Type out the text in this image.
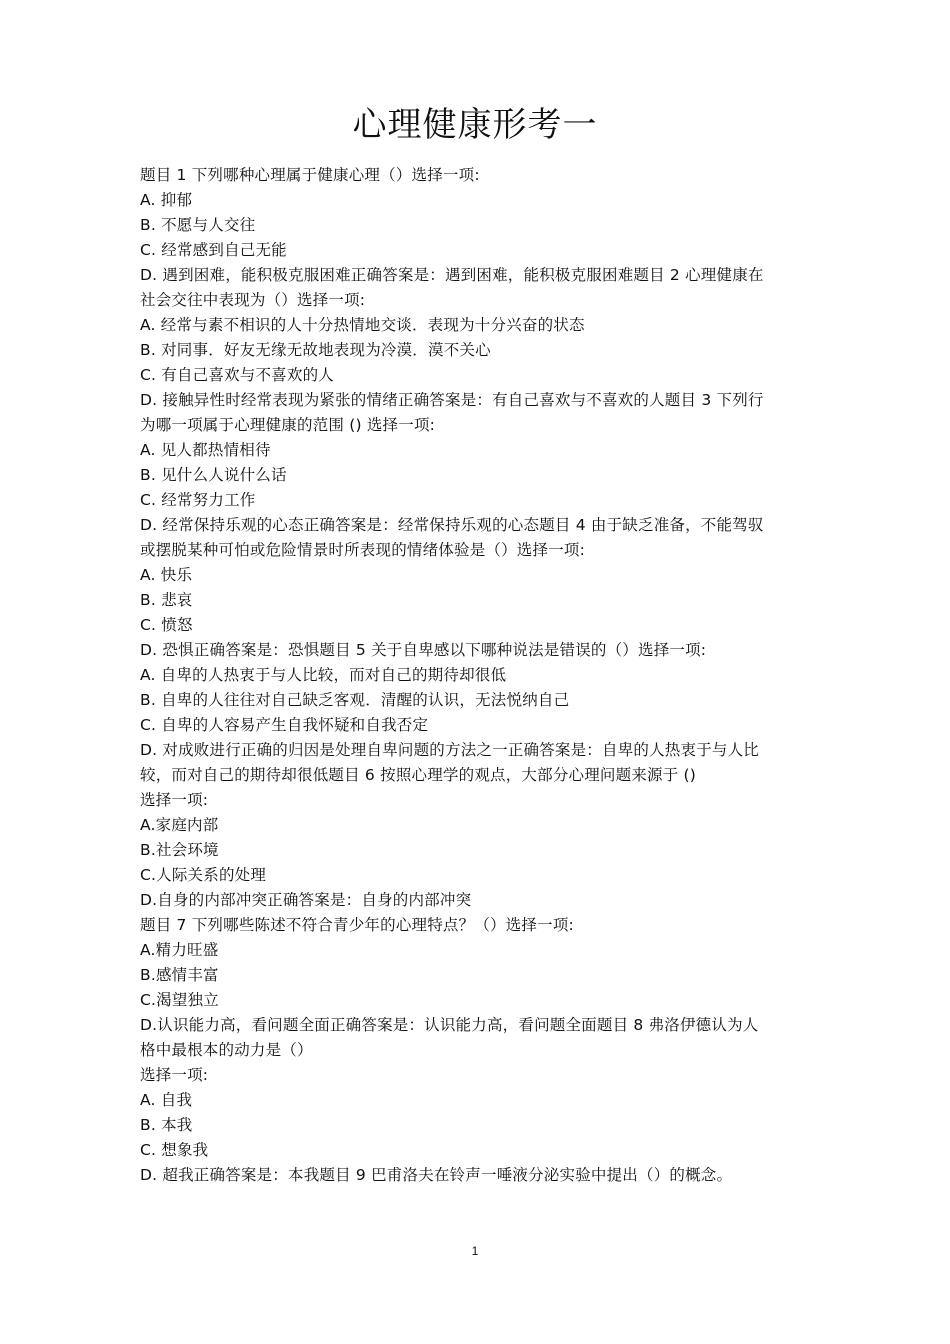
心理健康形考一
题目 1 下列哪种心理属于健康心理（）选择一项:
A. 抑郁
B. 不愿与人交往
C. 经常感到自己无能
D. 遇到困难，能积极克服困难正确答案是：遇到困难，能积极克服困难题目 2 心理健康在
社会交往中表现为（）选择一项:
A. 经常与素不相识的人十分热情地交谈．表现为十分兴奋的状态
B. 对同事．好友无缘无故地表现为冷漠．漠不关心
C. 有自己喜欢与不喜欢的人
D. 接触异性时经常表现为紧张的情绪正确答案是：有自己喜欢与不喜欢的人题目 3 下列行
为哪一项属于心理健康的范围 () 选择一项:
A. 见人都热情相待
B. 见什么人说什么话
C. 经常努力工作
D. 经常保持乐观的心态正确答案是：经常保持乐观的心态题目 4 由于缺乏准备，不能驾驭
或摆脱某种可怕或危险情景时所表现的情绪体验是（）选择一项:
A. 快乐
B. 悲哀
C. 愤怒
D. 恐惧正确答案是：恐惧题目 5 关于自卑感以下哪种说法是错误的（）选择一项:
A. 自卑的人热衷于与人比较，而对自己的期待却很低
B. 自卑的人往往对自己缺乏客观．清醒的认识，无法悦纳自己
C. 自卑的人容易产生自我怀疑和自我否定
D. 对成败进行正确的归因是处理自卑问题的方法之一正确答案是：自卑的人热衷于与人比
较，而对自己的期待却很低题目 6 按照心理学的观点，大部分心理问题来源于 ()
选择一项:
A.家庭内部
B.社会环境
C.人际关系的处理
D.自身的内部冲突正确答案是：自身的内部冲突
题目 7 下列哪些陈述不符合青少年的心理特点？（）选择一项:
A.精力旺盛
B.感情丰富
C.渴望独立
D.认识能力高，看问题全面正确答案是：认识能力高，看问题全面题目 8 弗洛伊德认为人
格中最根本的动力是（）
选择一项:
A. 自我
B. 本我
C. 想象我
D. 超我正确答案是：本我题目 9 巴甫洛夫在铃声一唾液分泌实验中提出（）的概念。
1
